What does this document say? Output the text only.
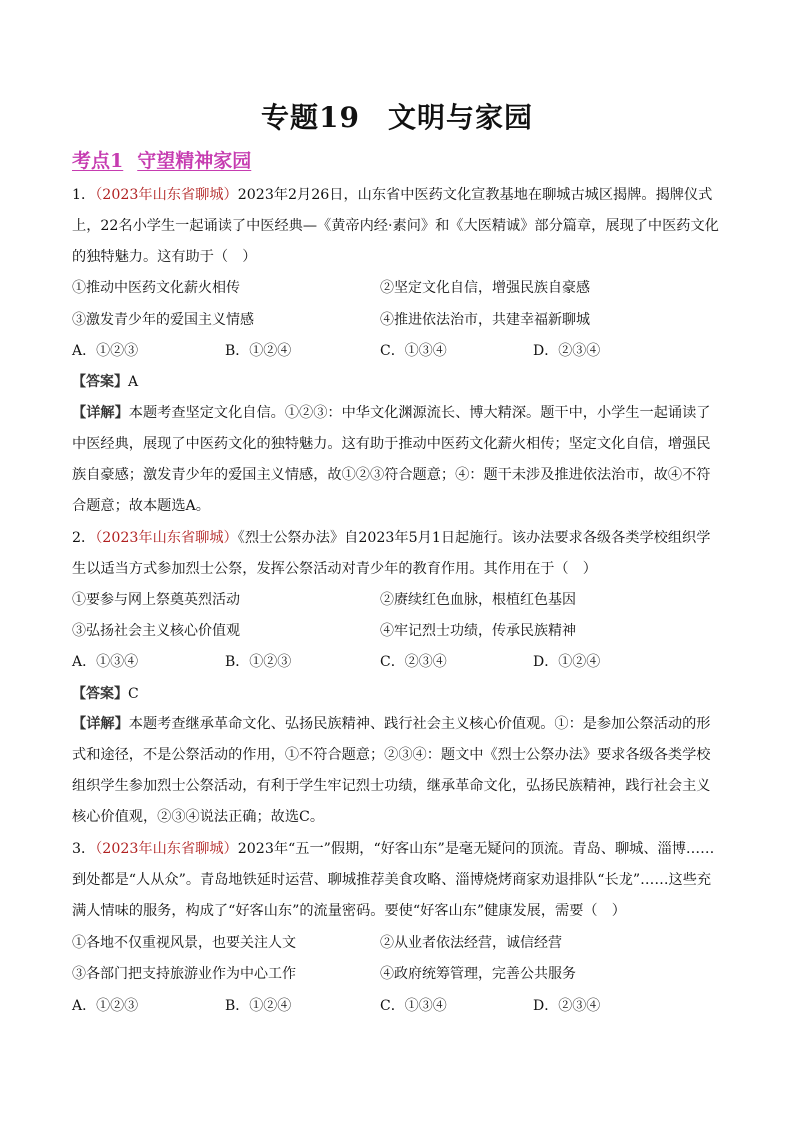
专题19 文明与家园
考点1 守望精神家园

1．（2023年山东省聊城）2023年2月26日，山东省中医药文化宣教基地在聊城古城区揭牌。揭牌仪式上，22名小学生一起诵读了中医经典—《黄帝内经·素问》和《大医精诚》部分篇章，展现了中医药文化的独特魅力。这有助于（　）

①推动中医药文化薪火相传	②坚定文化自信，增强民族自豪感
③激发青少年的爱国主义情感	④推进依法治市，共建幸福新聊城
A．①②③	B．①②④	C．①③④	D．②③④
【答案】A

【详解】本题考查坚定文化自信。①②③：中华文化渊源流长、博大精深。题干中，小学生一起诵读了中医经典，展现了中医药文化的独特魅力。这有助于推动中医药文化薪火相传；坚定文化自信，增强民族自豪感；激发青少年的爱国主义情感，故①②③符合题意；④：题干未涉及推进依法治市，故④不符合题意；故本题选A。

2．（2023年山东省聊城）《烈士公祭办法》自2023年5月1日起施行。该办法要求各级各类学校组织学生以适当方式参加烈士公祭，发挥公祭活动对青少年的教育作用。其作用在于（　）

①要参与网上祭奠英烈活动	②赓续红色血脉，根植红色基因
③弘扬社会主义核心价值观	④牢记烈士功绩，传承民族精神
A．①③④	B．①②③	C．②③④	D．①②④
【答案】C

【详解】本题考查继承革命文化、弘扬民族精神、践行社会主义核心价值观。①：是参加公祭活动的形式和途径，不是公祭活动的作用，①不符合题意；②③④：题文中《烈士公祭办法》要求各级各类学校组织学生参加烈士公祭活动，有利于学生牢记烈士功绩，继承革命文化，弘扬民族精神，践行社会主义核心价值观，②③④说法正确；故选C。

3．（2023年山东省聊城）2023年“五一”假期，“好客山东”是毫无疑问的顶流。青岛、聊城、淄博……到处都是“人从众”。青岛地铁延时运营、聊城推荐美食攻略、淄博烧烤商家劝退排队“长龙”……这些充满人情味的服务，构成了“好客山东”的流量密码。要使“好客山东”健康发展，需要（　）

①各地不仅重视风景，也要关注人文	②从业者依法经营，诚信经营
③各部门把支持旅游业作为中心工作	④政府统筹管理，完善公共服务
A．①②③	B．①②④	C．①③④	D．②③④
